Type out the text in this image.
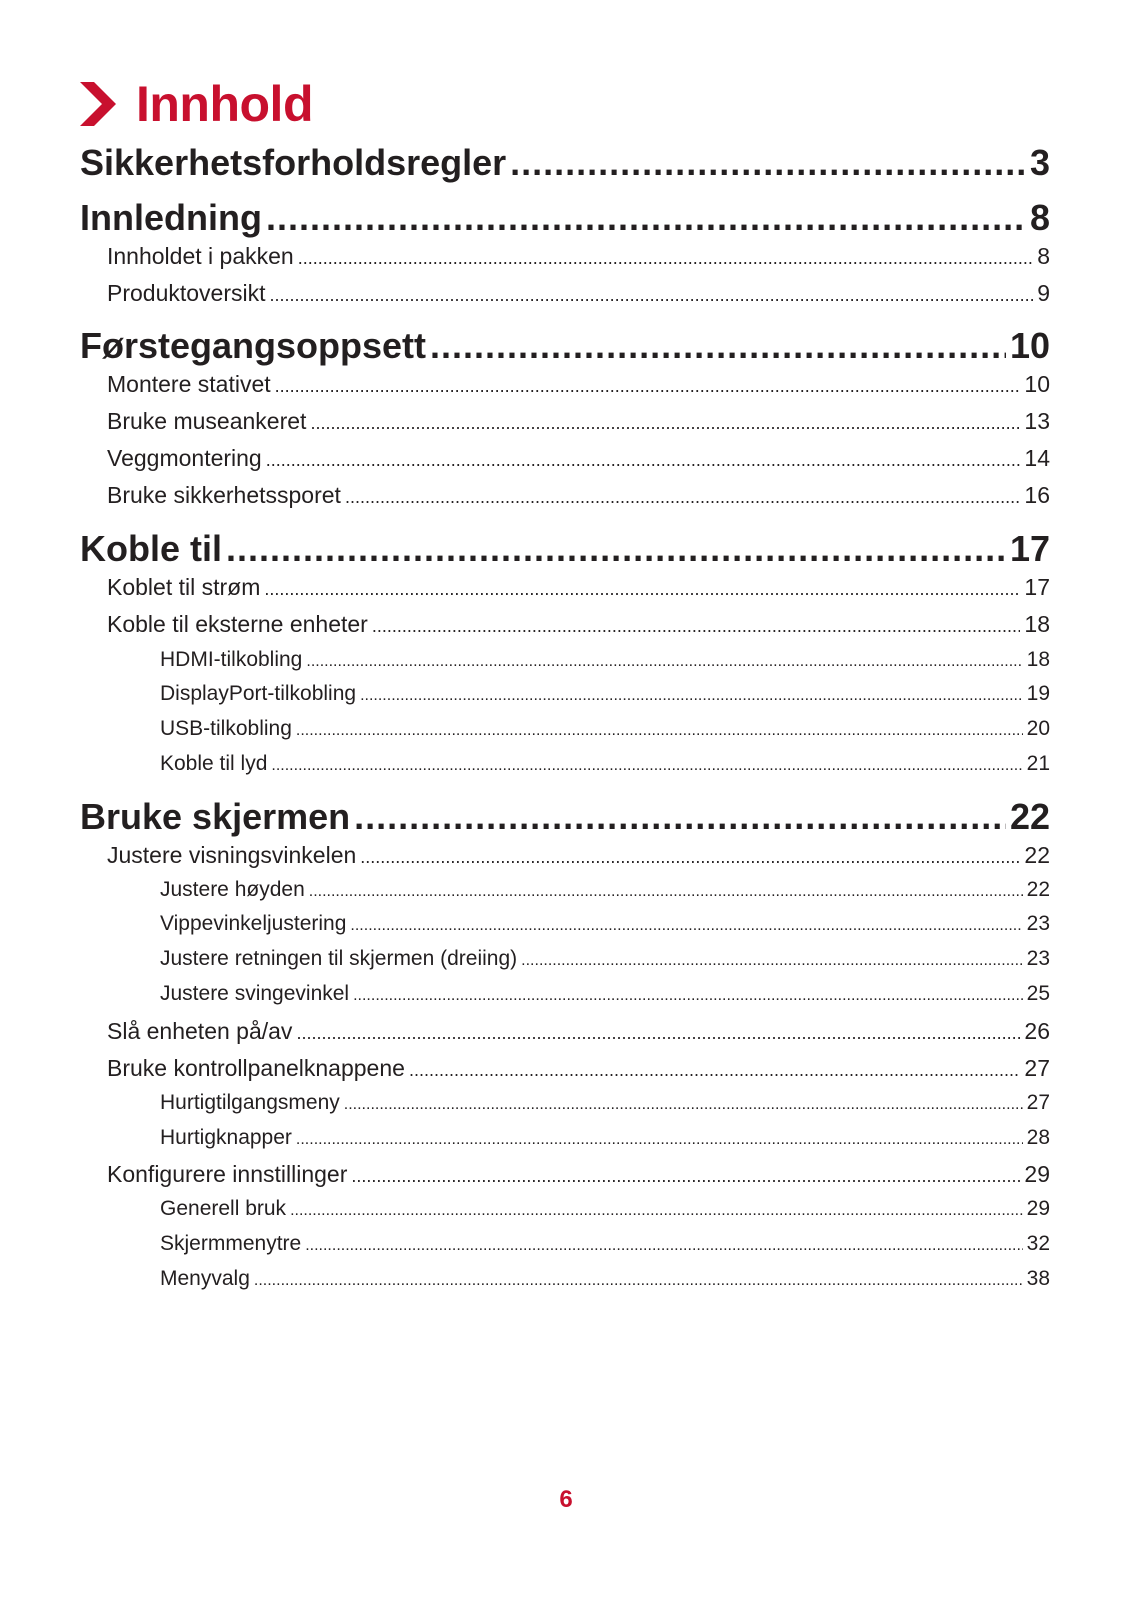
Innhold
Sikkerhetsforholdsregler .....	3
Innledning .....	8
Innholdet i pakken .....	8
Produktoversikt .....	9
Førstegangsoppsett .....	10
Montere stativet .....	10
Bruke museankeret .....	13
Veggmontering .....	14
Bruke sikkerhetssporet .....	16
Koble til .....	17
Koblet til strøm .....	17
Koble til eksterne enheter .....	18
HDMI-tilkobling .....	18
DisplayPort-tilkobling .....	19
USB-tilkobling .....	20
Koble til lyd .....	21
Bruke skjermen .....	22
Justere visningsvinkelen .....	22
Justere høyden .....	22
Vippevinkeljustering .....	23
Justere retningen til skjermen (dreiing) .....	23
Justere svingevinkel .....	25
Slå enheten på/av .....	26
Bruke kontrollpanelknappene .....	27
Hurtigtilgangsmeny .....	27
Hurtigknapper .....	28
Konfigurere innstillinger .....	29
Generell bruk .....	29
Skjermmenytre .....	32
Menyvalg .....	38
6
